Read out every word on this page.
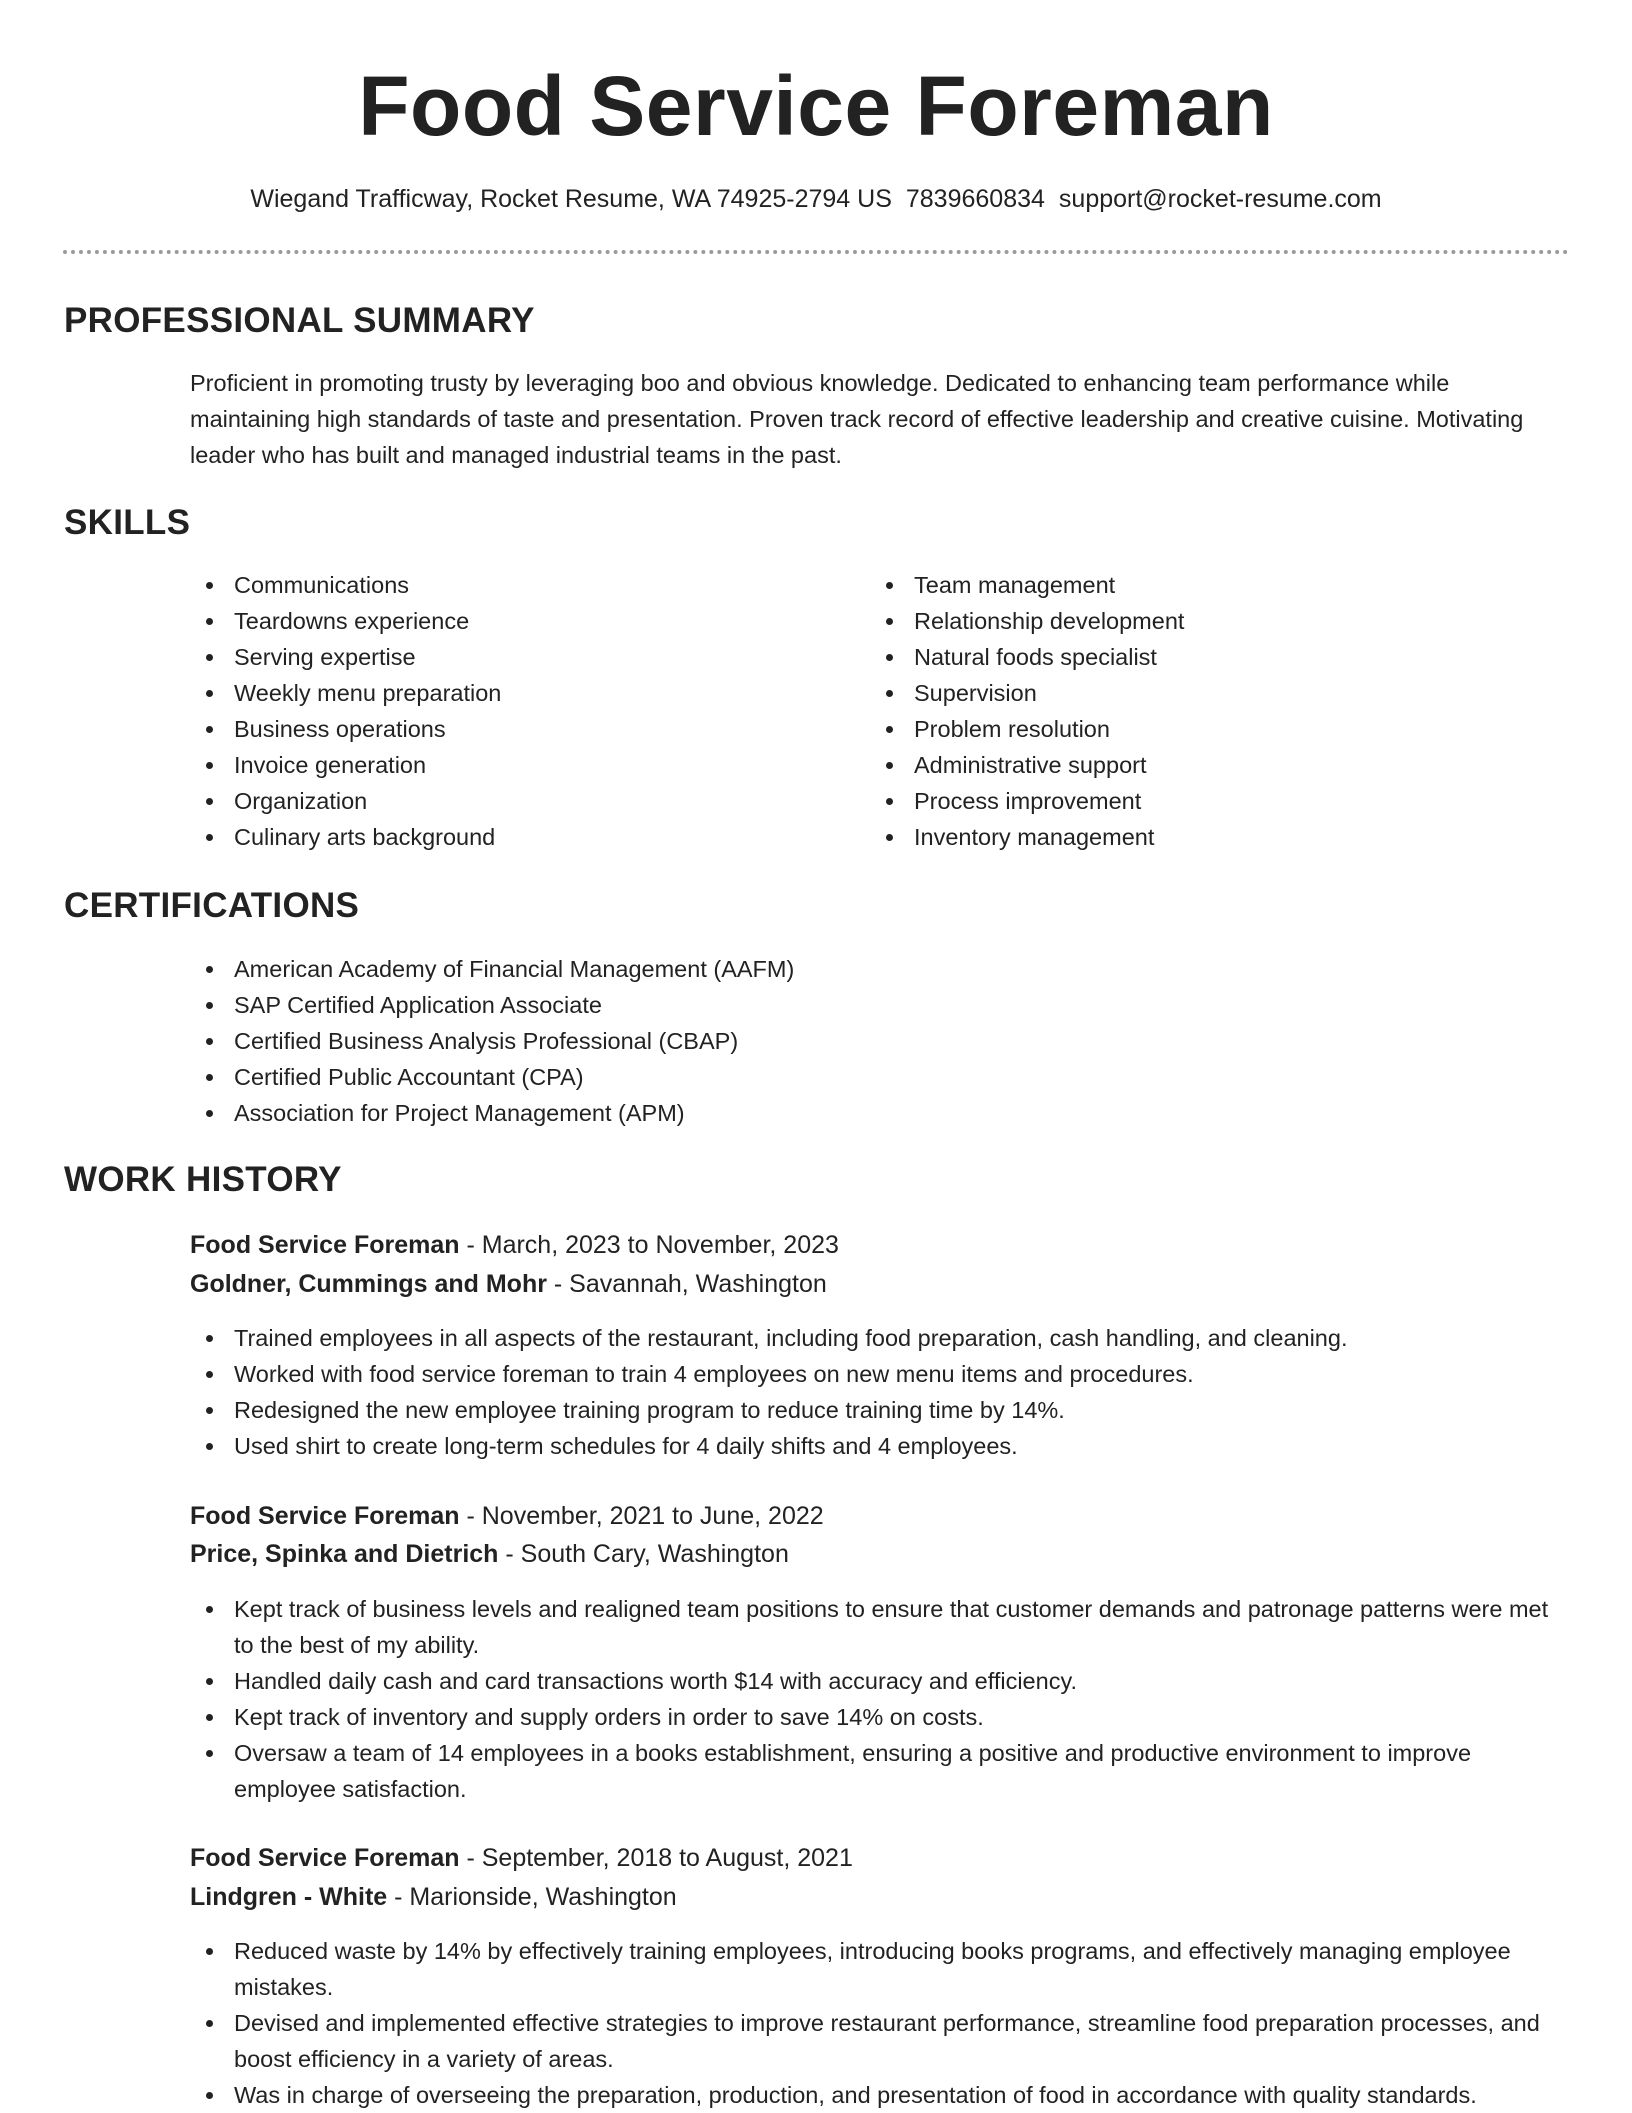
Food Service Foreman
Wiegand Trafficway, Rocket Resume, WA 74925-2794 US 7839660834 support@rocket-resume.com
PROFESSIONAL SUMMARY
Proficient in promoting trusty by leveraging boo and obvious knowledge. Dedicated to enhancing team performance while maintaining high standards of taste and presentation. Proven track record of effective leadership and creative cuisine. Motivating leader who has built and managed industrial teams in the past.
SKILLS
Communications
Teardowns experience
Serving expertise
Weekly menu preparation
Business operations
Invoice generation
Organization
Culinary arts background
Team management
Relationship development
Natural foods specialist
Supervision
Problem resolution
Administrative support
Process improvement
Inventory management
CERTIFICATIONS
American Academy of Financial Management (AAFM)
SAP Certified Application Associate
Certified Business Analysis Professional (CBAP)
Certified Public Accountant (CPA)
Association for Project Management (APM)
WORK HISTORY
Food Service Foreman - March, 2023 to November, 2023
Goldner, Cummings and Mohr - Savannah, Washington
Trained employees in all aspects of the restaurant, including food preparation, cash handling, and cleaning.
Worked with food service foreman to train 4 employees on new menu items and procedures.
Redesigned the new employee training program to reduce training time by 14%.
Used shirt to create long-term schedules for 4 daily shifts and 4 employees.
Food Service Foreman - November, 2021 to June, 2022
Price, Spinka and Dietrich - South Cary, Washington
Kept track of business levels and realigned team positions to ensure that customer demands and patronage patterns were met to the best of my ability.
Handled daily cash and card transactions worth $14 with accuracy and efficiency.
Kept track of inventory and supply orders in order to save 14% on costs.
Oversaw a team of 14 employees in a books establishment, ensuring a positive and productive environment to improve employee satisfaction.
Food Service Foreman - September, 2018 to August, 2021
Lindgren - White - Marionside, Washington
Reduced waste by 14% by effectively training employees, introducing books programs, and effectively managing employee mistakes.
Devised and implemented effective strategies to improve restaurant performance, streamline food preparation processes, and boost efficiency in a variety of areas.
Was in charge of overseeing the preparation, production, and presentation of food in accordance with quality standards.
